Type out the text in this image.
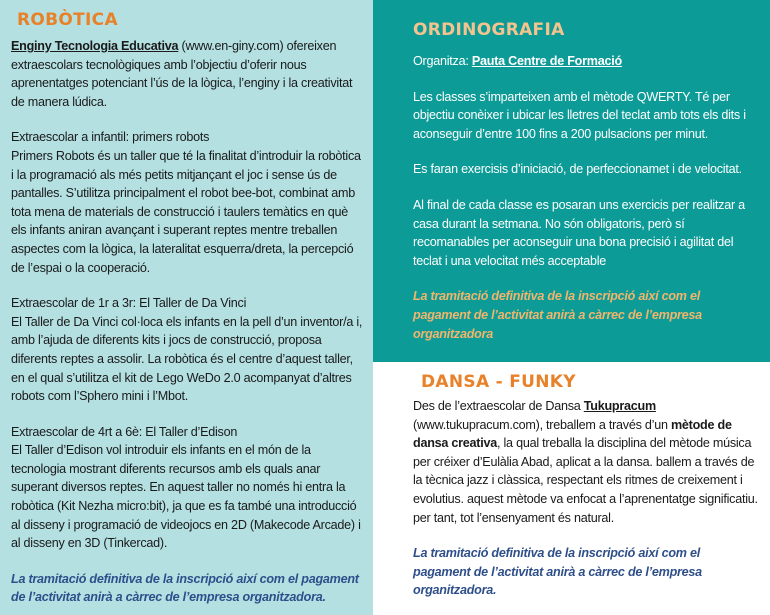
ROBÒTICA

Enginy Tecnologia Educativa (www.en-giny.com) ofereixen extraescolars tecnològiques amb l’objectiu d’oferir nous aprenentatges potenciant l’ús de la lògica, l’enginy i la creativitat de manera lúdica.

Extraescolar a infantil: primers robots
Primers Robots és un taller que té la finalitat d’introduir la robòtica i la programació als més petits mitjançant el joc i sense ús de pantalles. S’utilitza principalment el robot bee-bot, combinat amb tota mena de materials de construcció i taulers temàtics en què els infants aniran avançant i superant reptes mentre treballen aspectes com la lògica, la lateralitat esquerra/dreta, la percepció de l’espai o la cooperació.

Extraescolar de 1r a 3r: El Taller de Da Vinci
El Taller de Da Vinci col·loca els infants en la pell d’un inventor/a i, amb l’ajuda de diferents kits i jocs de construcció, proposa diferents reptes a assolir. La robòtica és el centre d’aquest taller, en el qual s’utilitza el kit de Lego WeDo 2.0 acompanyat d’altres robots com l’Sphero mini i l’Mbot.

Extraescolar de 4rt a 6è: El Taller d’Edison
El Taller d’Edison vol introduir els infants en el món de la tecnologia mostrant diferents recursos amb els quals anar superant diversos reptes. En aquest taller no només hi entra la robòtica (Kit Nezha micro:bit), ja que es fa també una introducció al disseny i programació de videojocs en 2D (Makecode Arcade) i al disseny en 3D (Tinkercad).

La tramitació definitiva de la inscripció així com el pagament de l’activitat anirà a càrrec de l’empresa organitzadora.

ORDINOGRAFIA

Organitza: Pauta Centre de Formació

Les classes s’imparteixen amb el mètode QWERTY. Té per objectiu conèixer i ubicar les lletres del teclat amb tots els dits i aconseguir d’entre 100 fins a 200 pulsacions per minut.

Es faran exercisis d’iniciació, de perfeccionamet i de velocitat.

Al final de cada classe es posaran uns exercicis per realitzar a casa durant la setmana. No són obligatoris, però sí recomanables per aconseguir una bona precisió i agilitat del teclat i una velocitat més acceptable

La tramitació definitiva de la inscripció així com el pagament de l’activitat anirà a càrrec de l’empresa organitzadora

DANSA - FUNKY

Des de l’extraescolar de Dansa Tukupracum (www.tukupracum.com), treballem a través d’un mètode de dansa creativa, la qual treballa la disciplina del mètode música per créixer d’Eulàlia Abad, aplicat a la dansa. ballem a través de la tècnica jazz i clàssica, respectant els ritmes de creixement i evolutius. aquest mètode va enfocat a l’aprenentatge significatiu. per tant, tot l’ensenyament és natural.

La tramitació definitiva de la inscripció així com el pagament de l’activitat anirà a càrrec de l’empresa organitzadora.
